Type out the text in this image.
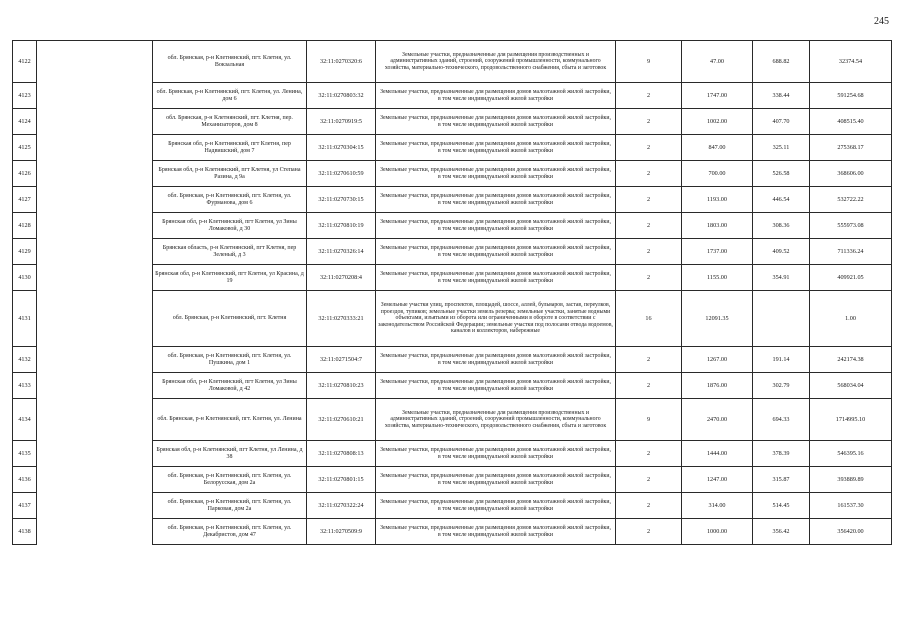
245
4122		обл. Брянская, р-н Клетнянский, пгт. Клетня, ул. Вокзальная	32:11:0270320:6	Земельные участки, предназначенные для размещения производственных и административных зданий, строений, сооружений промышленности, коммунального хозяйства, материально-технического, продовольственного снабжения, сбыта и заготовок	9	47.00	688.82	32374.54
4123		обл. Брянская, р-н Клетнянский, пгт. Клетня, ул. Ленина, дом 6	32:11:0270803:32	Земельные участки, предназначенные для размещения домов малоэтажной жилой застройки, в том числе индивидуальной жилой застройки	2	1747.00	338.44	591254.68
4124		обл. Брянская, р-н Клетнянский, пгт. Клетня, пер. Механизаторов, дом 8	32:11:0270919:5	Земельные участки, предназначенные для размещения домов малоэтажной жилой застройки, в том числе индивидуальной жилой застройки	2	1002.00	407.70	408515.40
4125		Брянская обл, р-н Клетнянский, пгт Клетня, пер Надвишский, дом 7	32:11:0270304:15	Земельные участки, предназначенные для размещения домов малоэтажной жилой застройки, в том числе индивидуальной жилой застройки	2	847.00	325.11	275368.17
4126		Брянская обл, р-н Клетнянский, пгт Клетня, ул Степана Разина, д 9а	32:11:0270610:59	Земельные участки, предназначенные для размещения домов малоэтажной жилой застройки, в том числе индивидуальной жилой застройки	2	700.00	526.58	368606.00
4127		обл. Брянская, р-н Клетнянский, пгт. Клетня, ул. Фурманова, дом 6	32:11:0270730:15	Земельные участки, предназначенные для размещения домов малоэтажной жилой застройки, в том числе индивидуальной жилой застройки	2	1193.00	446.54	532722.22
4128		Брянская обл, р-н Клетнянский, пгт Клетня, ул Зины Ломаковой, д 30	32:11:0270810:19	Земельные участки, предназначенные для размещения домов малоэтажной жилой застройки, в том числе индивидуальной жилой застройки	2	1803.00	308.36	555973.08
4129		Брянская область, р-н Клетнянский, пгт Клетня, пер Зеленый, д 3	32:11:0270326:14	Земельные участки, предназначенные для размещения домов малоэтажной жилой застройки, в том числе индивидуальной жилой застройки	2	1737.00	409.52	711336.24
4130		Брянская обл, р-н Клетнянский, пгт Клетня, ул Красина, д 19	32:11:0270208:4	Земельные участки, предназначенные для размещения домов малоэтажной жилой застройки, в том числе индивидуальной жилой застройки	2	1155.00	354.91	409921.05
4131		обл. Брянская, р-н Клетнянский, пгт. Клетня	32:11:0270333:21	Земельные участки улиц, проспектов, площадей, шоссе, аллей, бульваров, застав, переулков, проездов, тупиков; земельные участки земель резерва; земельные участки, занятые водными объектами, изъятыми из оборота или ограниченными в обороте в соответствии с законодательством Российской Федерации; земельные участки под полосами отвода водоемов, каналов и коллекторов, набережные	16	12091.35		1.00
4132		обл. Брянская, р-н Клетнянский, пгт. Клетня, ул. Пушкина, дом 1	32:11:0271504:7	Земельные участки, предназначенные для размещения домов малоэтажной жилой застройки, в том числе индивидуальной жилой застройки	2	1267.00	191.14	242174.38
4133		Брянская обл, р-н Клетнянский, пгт Клетня, ул Зины Ломаковой, д 42	32:11:0270810:23	Земельные участки, предназначенные для размещения домов малоэтажной жилой застройки, в том числе индивидуальной жилой застройки	2	1876.00	302.79	568034.04
4134		обл. Брянская, р-н Клетнянский, пгт. Клетня, ул. Ленина	32:11:0270610:21	Земельные участки, предназначенные для размещения производственных и административных зданий, строений, сооружений промышленности, коммунального хозяйства, материально-технического, продовольственного снабжения, сбыта и заготовок	9	2470.00	694.33	1714995.10
4135		Брянская обл, р-н Клетнянский, пгт Клетня, ул Ленина, д 38	32:11:0270808:13	Земельные участки, предназначенные для размещения домов малоэтажной жилой застройки, в том числе индивидуальной жилой застройки	2	1444.00	378.39	546395.16
4136		обл. Брянская, р-н Клетнянский, пгт. Клетня, ул. Белорусская, дом 2а	32:11:0270801:15	Земельные участки, предназначенные для размещения домов малоэтажной жилой застройки, в том числе индивидуальной жилой застройки	2	1247.00	315.87	393889.89
4137		обл. Брянская, р-н Клетнянский, пгт. Клетня, ул. Парковая, дом 2а	32:11:0270322:24	Земельные участки, предназначенные для размещения домов малоэтажной жилой застройки, в том числе индивидуальной жилой застройки	2	314.00	514.45	161537.30
4138		обл. Брянская, р-н Клетнянский, пгт. Клетня, ул. Декабристов, дом 47	32:11:0270509:9	Земельные участки, предназначенные для размещения домов малоэтажной жилой застройки, в том числе индивидуальной жилой застройки	2	1000.00	356.42	356420.00
